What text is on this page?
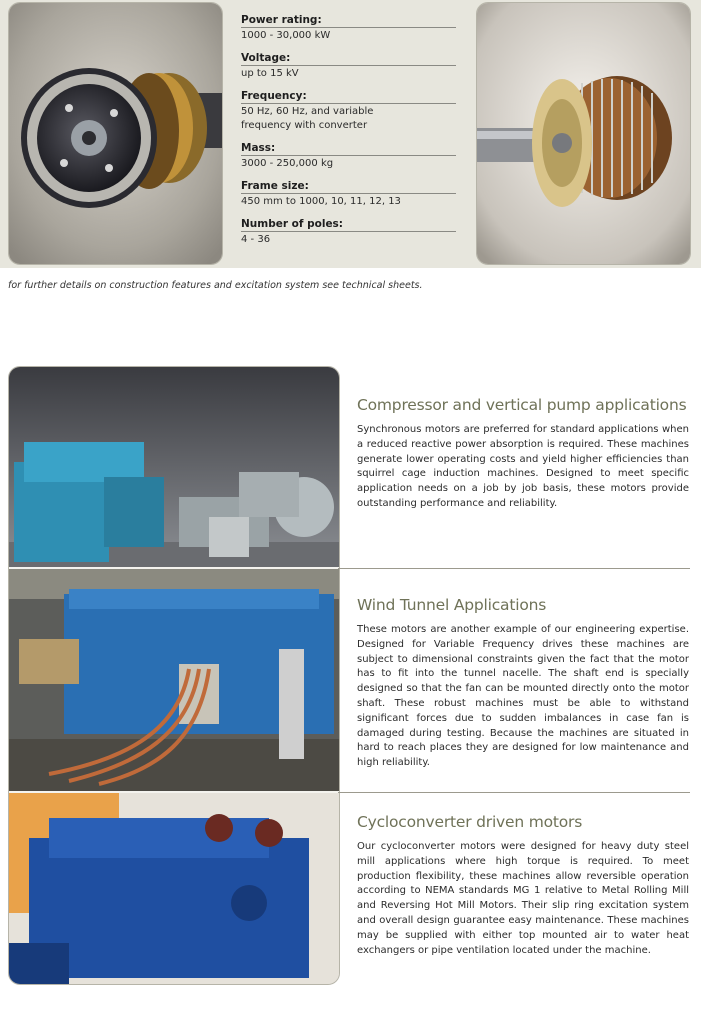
Power rating:
1000 - 30,000 kW
Voltage:
up to 15 kV
Frequency:
50 Hz, 60 Hz, and variable
frequency with converter
Mass:
3000 - 250,000 kg
Frame size:
450 mm to 1000, 10, 11, 12, 13
Number of poles:
4 - 36
for further details on construction features and excitation system see technical sheets.
Compressor and vertical pump applications

Synchronous motors are preferred for standard applications when a reduced reactive power absorption is required. These machines generate lower operating costs and yield higher efficiencies than squirrel cage induction machines. Designed to meet specific application needs on a job by job basis, these motors provide outstanding performance and reliability.

Wind Tunnel Applications

These motors are another example of our engineering expertise. Designed for Variable Frequency drives these machines are subject to dimensional constraints given the fact that the motor has to fit into the tunnel nacelle. The shaft end is specially designed so that the fan can be mounted directly onto the motor shaft. These robust machines must be able to withstand significant forces due to sudden imbalances in case fan is damaged during testing. Because the machines are situated in hard to reach places they are designed for low maintenance and high reliability.

Cycloconverter driven motors

Our cycloconverter motors were designed for heavy duty steel mill applications where high torque is required. To meet production flexibility, these machines allow reversible operation according to NEMA standards MG 1 relative to Metal Rolling Mill and Reversing Hot Mill Motors. Their slip ring excitation system and overall design guarantee easy maintenance. These machines may be supplied with either top mounted air to water heat exchangers or pipe ventilation located under the machine.
